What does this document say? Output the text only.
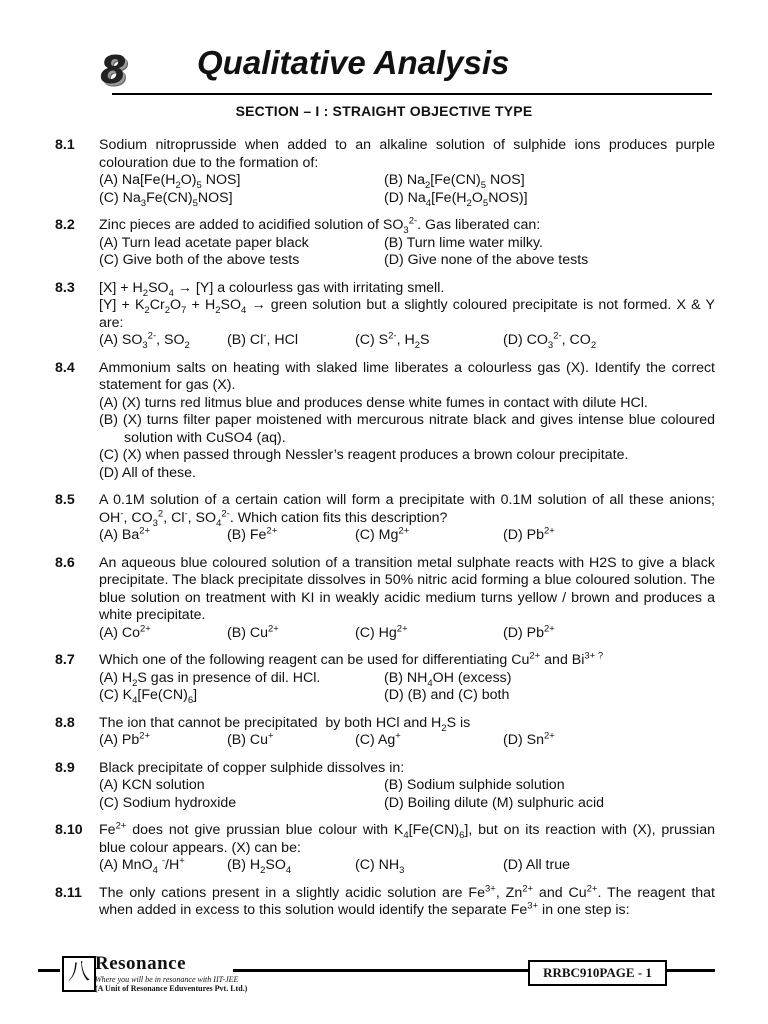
8 Qualitative Analysis
SECTION – I : STRAIGHT OBJECTIVE TYPE
8.1 Sodium nitroprusside when added to an alkaline solution of sulphide ions produces purple colouration due to the formation of:
(A) $Na[Fe(H_2O)_5$ NOS]	(B) $Na_2[Fe(CN)_5$ NOS]
(C) $Na_3Fe(CN)_5NOS$]	(D) $Na_4[Fe(H_2O_5NOS)]$
8.2 Zinc pieces are added to acidified solution of $SO_3^{2-}$. Gas liberated can:
(A) Turn lead acetate paper black	(B) Turn lime water milky.
(C) Give both of the above tests	(D) Give none of the above tests
8.3 $[X] + H_2SO_4 \to [Y]$ a colourless gas with irritating smell.
$[Y] + K_2Cr_2O_7 + H_2SO_4$ → green solution but a slightly coloured precipitate is not formed. X & Y are:
(A) $SO_3^{2-}$, $SO_2$	(B) Cl-, HCl	(C) $S^{2-}$, $H_2S$	(D) $CO_3^{2-}$, $CO_2$
8.4 Ammonium salts on heating with slaked lime liberates a colourless gas (X). Identify the correct statement for gas (X).
(A) (X) turns red litmus blue and produces dense white fumes in contact with dilute HCl.
(B) (X) turns filter paper moistened with mercurous nitrate black and gives intense blue coloured solution with CuSO4 (aq).
(C) (X) when passed through Nessler’s reagent produces a brown colour precipitate.
(D) All of these.
8.5 A 0.1M solution of a certain cation will form a precipitate with 0.1M solution of all these anions; OH-, $CO_3^2$, Cl-, $SO_4^{2-}$. Which cation fits this description?
(A) $Ba^{2+}$	(B) $Fe^{2+}$	(C) $Mg^{2+}$	(D) $Pb^{2+}$
8.6 An aqueous blue coloured solution of a transition metal sulphate reacts with H2S to give a black precipitate. The black precipitate dissolves in 50% nitric acid forming a blue coloured solution. The blue solution on treatment with KI in weakly acidic medium turns yellow / brown and produces a white precipitate.
(A) $Co^{2+}$	(B) $Cu^{2+}$	(C) $Hg^{2+}$	(D) $Pb^{2+}$
8.7 Which one of the following reagent can be used for differentiating $Cu^{2+}$ and $Bi^{3+ ?}$
(A) $H_2S$ gas in presence of dil. HCl.	(B) $NH_4OH$ (excess)
(C) $K_4[Fe(CN)_6]$	(D) (B) and (C) both
8.8 The ion that cannot be precipitated  by both HCl and $H_2S$ is
(A) $Pb^{2+}$	(B) Cu+	(C) Ag+	(D) $Sn^{2+}$
8.9 Black precipitate of copper sulphide dissolves in:
(A) KCN solution	(B) Sodium sulphide solution
(C) Sodium hydroxide	(D) Boiling dilute (M) sulphuric acid
8.10 $Fe^{2+}$ does not give prussian blue colour with $K_4[Fe(CN)_6]$, but on its reaction with (X), prussian blue colour appears. (X) can be:
(A) MnO$_4$ -/H+	(B) $H_2SO_4$	(C) $NH_3$	(D) All true
8.11 The only cations present in a slightly acidic solution are $Fe^{3+}$, $Zn^{2+}$ and $Cu^{2+}$. The reagent that when added in excess to this solution would identify the separate $Fe^{3+}$ in one step is:
八 Resonance
Where you will be in resonance with IIT-JEE
(A Unit of Resonance Eduventures Pvt. Ltd.)
RRBC910PAGE - 1
